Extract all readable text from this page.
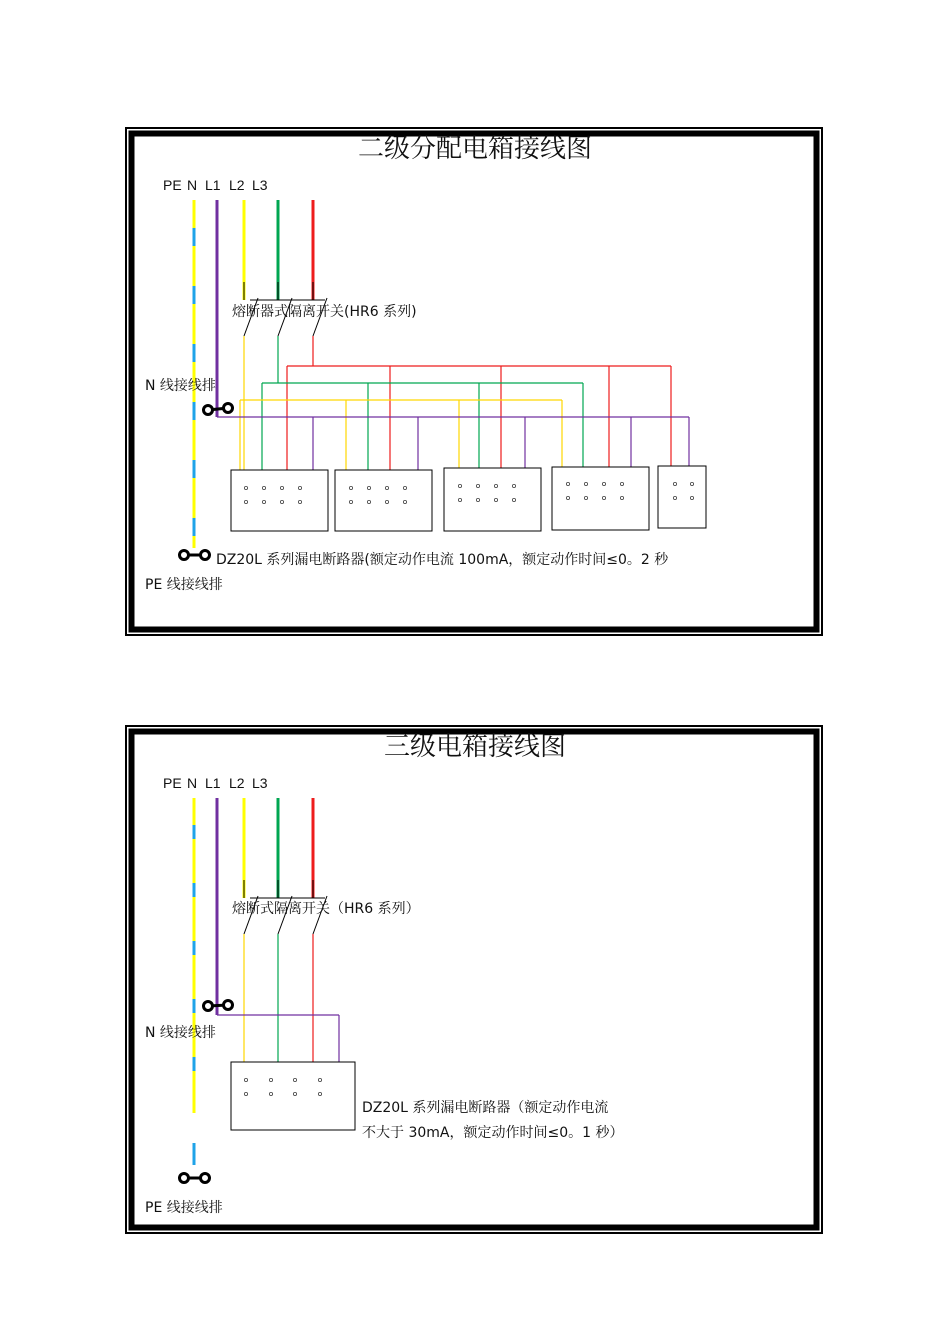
二级分配电箱接线图
PE N L1 L2 L3
熔断器式隔离开关(HR6 系列)
N 线接线排
DZ20L 系列漏电断路器(额定动作电流 100mA，额定动作时间≤0。2 秒
PE 线接线排
三级电箱接线图
PE N L1 L2 L3
熔断式隔离开关（HR6 系列）
N 线接线排
DZ20L 系列漏电断路器（额定动作电流
不大于 30mA，额定动作时间≤0。1 秒）
PE 线接线排
